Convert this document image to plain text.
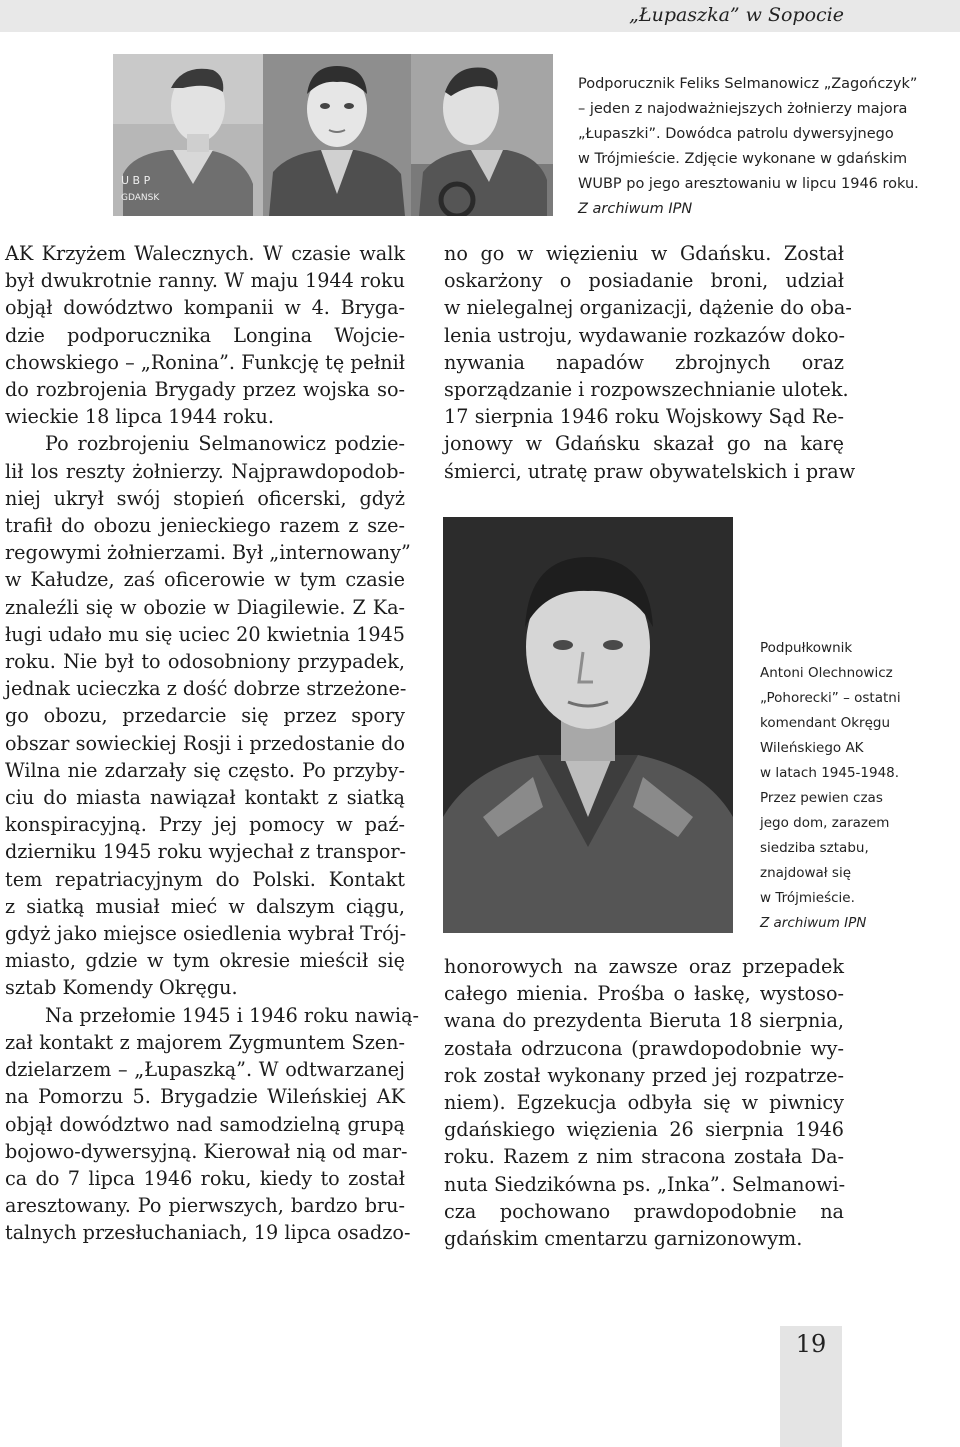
„Łupaszka” w Sopocie
U B P
GDANSK
Podporucznik Feliks Selmanowicz „Zagończyk”
– jeden z najodważniejszych żołnierzy majora
„Łupaszki”. Dowódca patrolu dywersyjnego
w Trójmieście. Zdjęcie wykonane w gdańskim
WUBP po jego aresztowaniu w lipcu 1946 roku.
Z archiwum IPN
AK Krzyżem Walecznych. W czasie walk
był dwukrotnie ranny. W maju 1944 roku
objął dowództwo kompanii w 4. Bryga-
dzie podporucznika Longina Wojcie-
chowskiego – „Ronina”. Funkcję tę pełnił
do rozbrojenia Brygady przez wojska so-
wieckie 18 lipca 1944 roku.
Po rozbrojeniu Selmanowicz podzie-
lił los reszty żołnierzy. Najprawdopodob-
niej ukrył swój stopień oficerski, gdyż
trafił do obozu jenieckiego razem z sze-
regowymi żołnierzami. Był „internowany”
w Kałudze, zaś oficerowie w tym czasie
znaleźli się w obozie w Diagilewie. Z Ka-
ługi udało mu się uciec 20 kwietnia 1945
roku. Nie był to odosobniony przypadek,
jednak ucieczka z dość dobrze strzeżone-
go obozu, przedarcie się przez spory
obszar sowieckiej Rosji i przedostanie do
Wilna nie zdarzały się często. Po przyby-
ciu do miasta nawiązał kontakt z siatką
konspiracyjną. Przy jej pomocy w paź-
dzierniku 1945 roku wyjechał z transpor-
tem repatriacyjnym do Polski. Kontakt
z siatką musiał mieć w dalszym ciągu,
gdyż jako miejsce osiedlenia wybrał Trój-
miasto, gdzie w tym okresie mieścił się
sztab Komendy Okręgu.
Na przełomie 1945 i 1946 roku nawią-
zał kontakt z majorem Zygmuntem Szen-
dzielarzem – „Łupaszką”. W odtwarzanej
na Pomorzu 5. Brygadzie Wileńskiej AK
objął dowództwo nad samodzielną grupą
bojowo-dywersyjną. Kierował nią od mar-
ca do 7 lipca 1946 roku, kiedy to został
aresztowany. Po pierwszych, bardzo bru-
talnych przesłuchaniach, 19 lipca osadzo-
no go w więzieniu w Gdańsku. Został
oskarżony o posiadanie broni, udział
w nielegalnej organizacji, dążenie do oba-
lenia ustroju, wydawanie rozkazów doko-
nywania napadów zbrojnych oraz
sporządzanie i rozpowszechnianie ulotek.
17 sierpnia 1946 roku Wojskowy Sąd Re-
jonowy w Gdańsku skazał go na karę
śmierci, utratę praw obywatelskich i praw
Podpułkownik
Antoni Olechnowicz
„Pohorecki” – ostatni
komendant Okręgu
Wileńskiego AK
w latach 1945-1948.
Przez pewien czas
jego dom, zarazem
siedziba sztabu,
znajdował się
w Trójmieście.
Z archiwum IPN
honorowych na zawsze oraz przepadek
całego mienia. Prośba o łaskę, wystoso-
wana do prezydenta Bieruta 18 sierpnia,
została odrzucona (prawdopodobnie wy-
rok został wykonany przed jej rozpatrze-
niem). Egzekucja odbyła się w piwnicy
gdańskiego więzienia 26 sierpnia 1946
roku. Razem z nim stracona została Da-
nuta Siedzikówna ps. „Inka”. Selmanowi-
cza pochowano prawdopodobnie na
gdańskim cmentarzu garnizonowym.
19
